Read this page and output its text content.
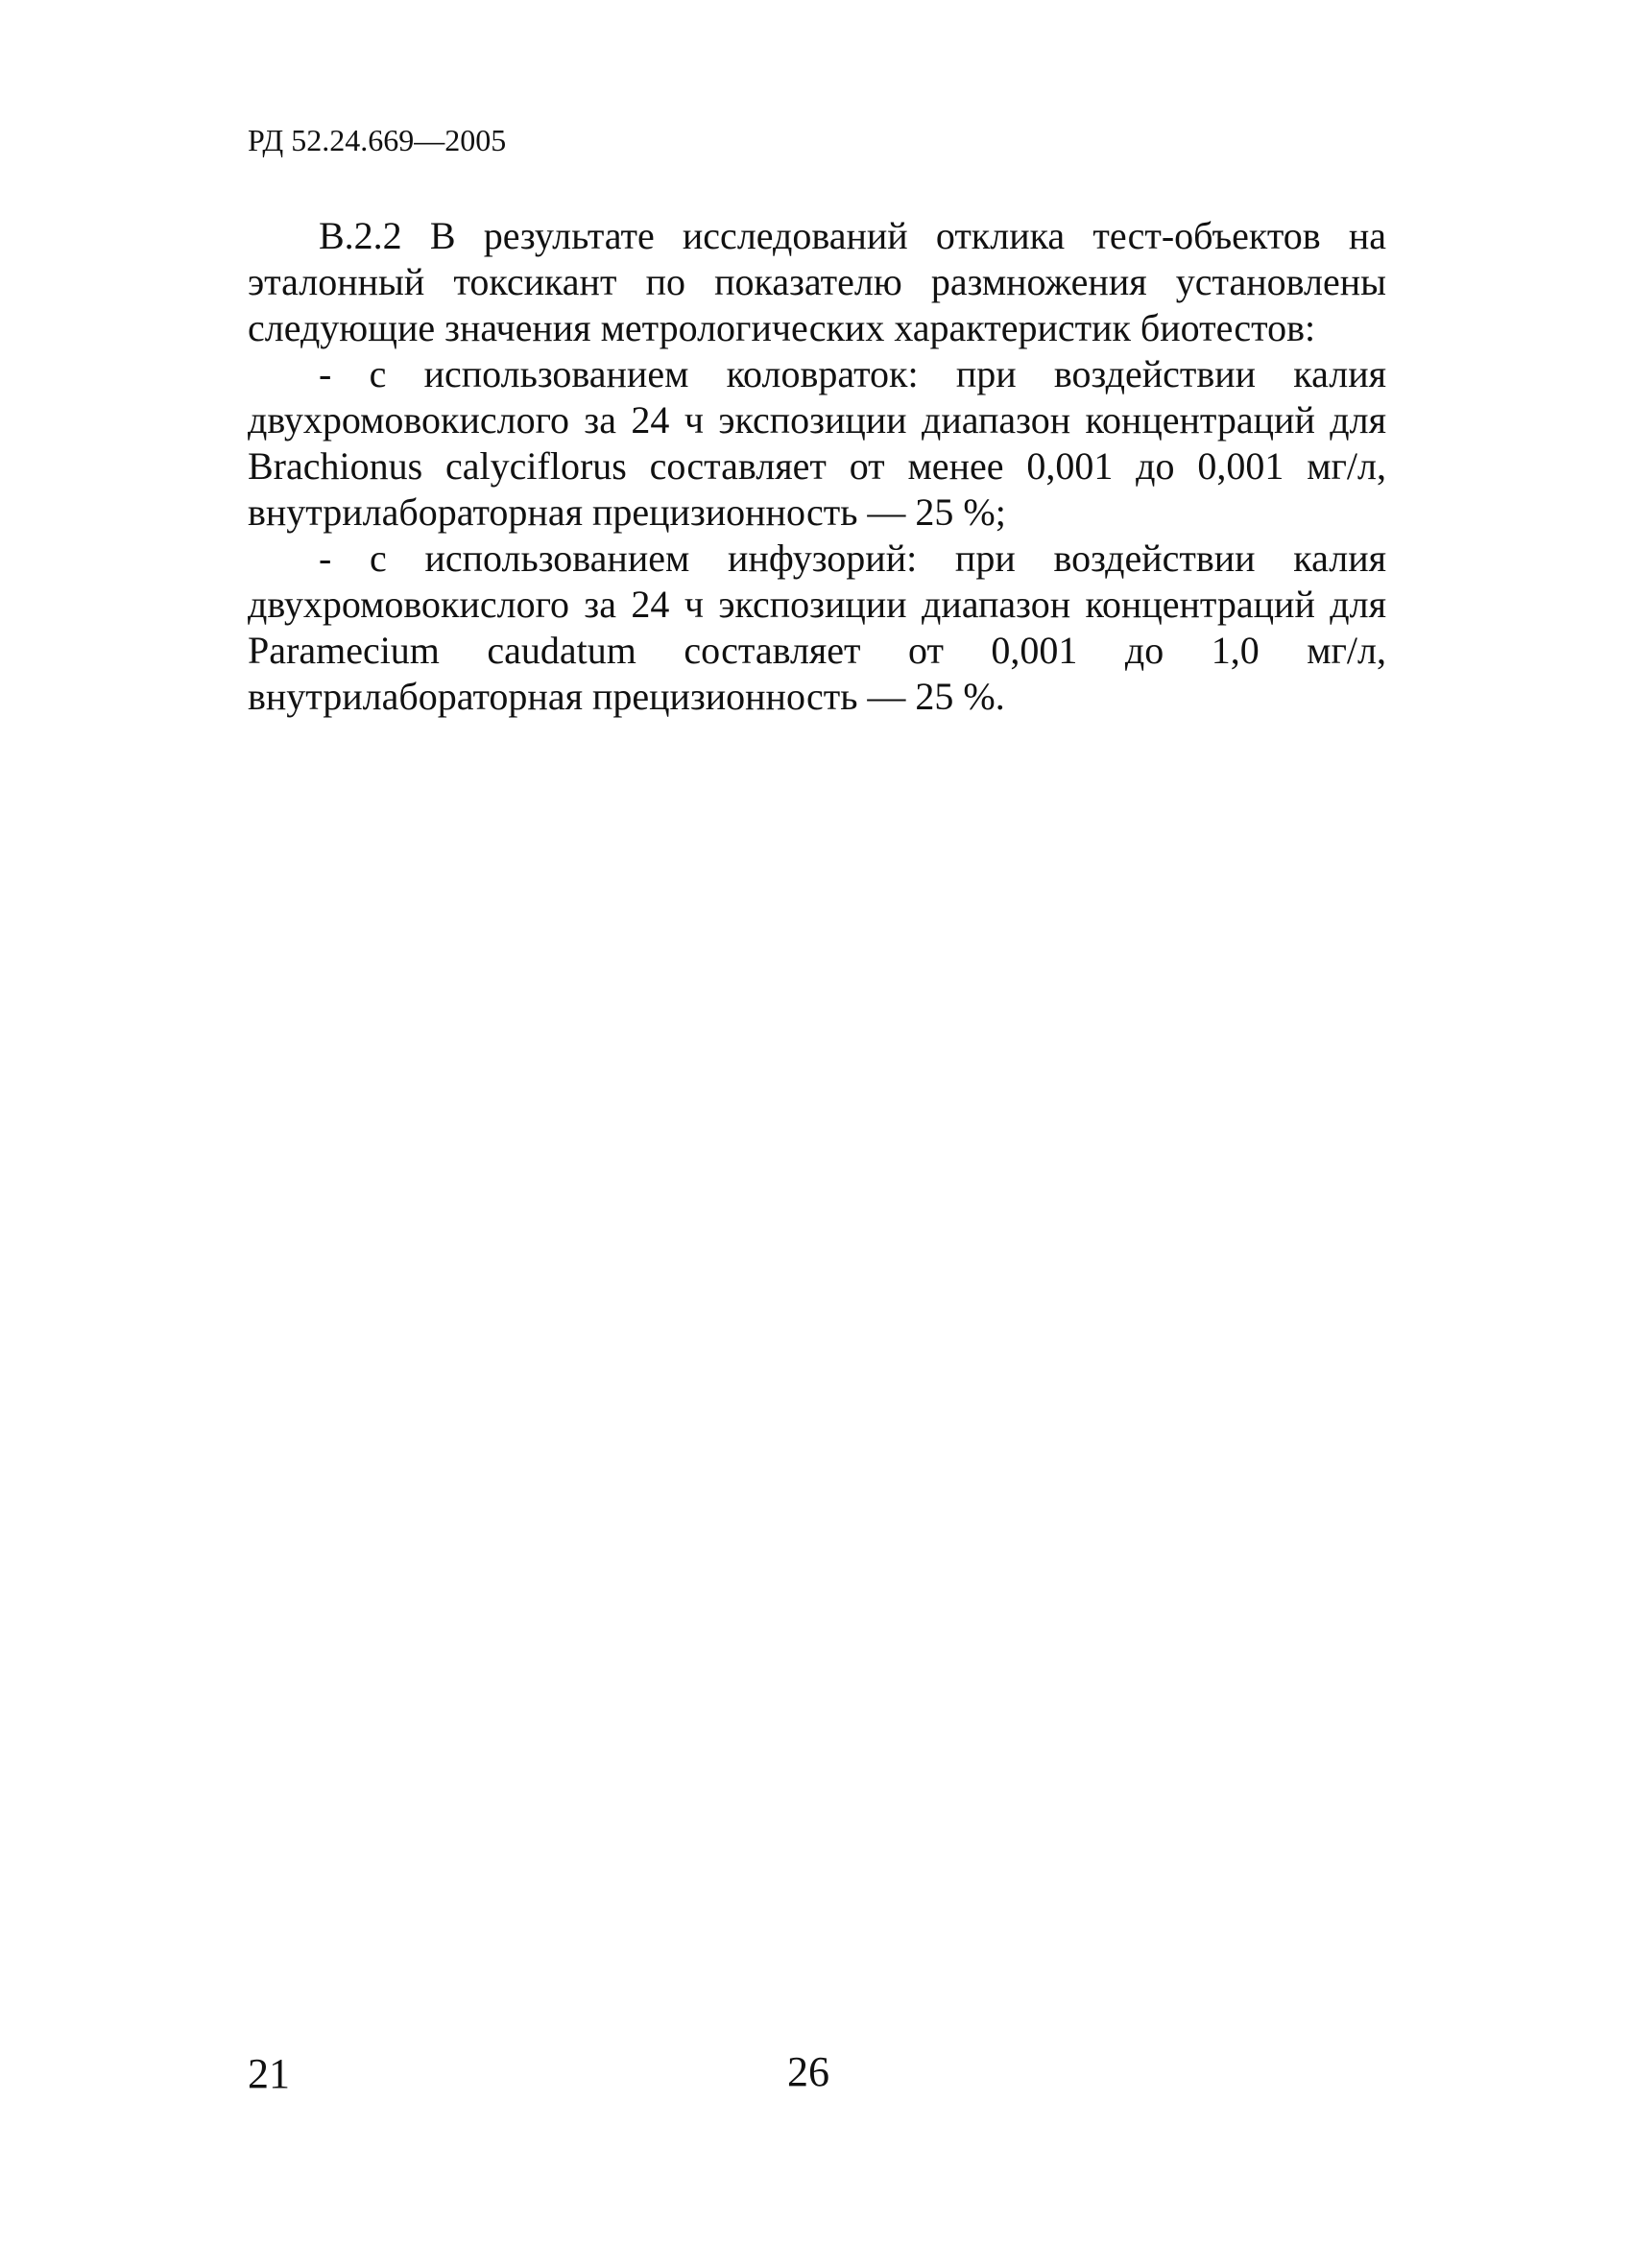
РД 52.24.669—2005

В.2.2 В результате исследований отклика тест-объектов на эталонный токсикант по показателю размножения установлены следующие значения метрологических характеристик биотестов:

- с использованием коловраток: при воздействии калия двухромовокислого за 24 ч экспозиции диапазон концентраций для Brachionus calyciflorus составляет от менее 0,001 до 0,001 мг/л, внутрилабораторная прецизионность — 25 %;

- с использованием инфузорий: при воздействии калия двухромовокислого за 24 ч экспозиции диапазон концентраций для Paramecium caudatum составляет от 0,001 до 1,0 мг/л, внутрилабораторная прецизионность — 25 %.

21	26
